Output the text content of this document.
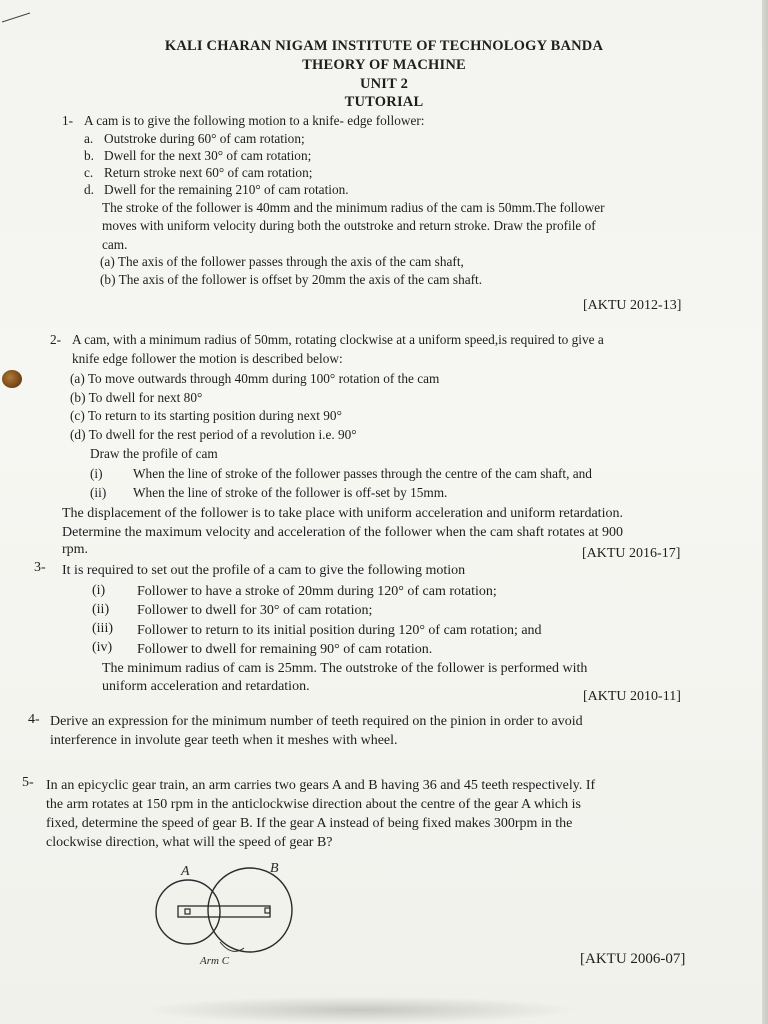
KALI CHARAN NIGAM INSTITUTE OF TECHNOLOGY BANDA
THEORY OF MACHINE
UNIT 2
TUTORIAL
1- A cam is to give the following motion to a knife- edge follower:
a. Outstroke during 60° of cam rotation;
b. Dwell for the next 30° of cam rotation;
c. Return stroke next 60° of cam rotation;
d. Dwell for the remaining 210° of cam rotation.
The stroke of the follower is 40mm and the minimum radius of the cam is 50mm.The follower
moves with uniform velocity during both the outstroke and return stroke. Draw the profile of
cam.
(a) The axis of the follower passes through the axis of the cam shaft,
(b) The axis of the follower is offset by 20mm the axis of the cam shaft.
[AKTU 2012-13]
2- A cam, with a minimum radius of 50mm, rotating clockwise at a uniform speed,is required to give a
knife edge follower the motion is described below:
(a) To move outwards through 40mm during 100° rotation of the cam
(b) To dwell for next 80°
(c) To return to its starting position during next 90°
(d) To dwell for the rest period of a revolution i.e. 90°
Draw the profile of cam
(i) When the line of stroke of the follower passes through the centre of the cam shaft, and
(ii) When the line of stroke of the follower is off-set by 15mm.
The displacement of the follower is to take place with uniform acceleration and uniform retardation.
Determine the maximum velocity and acceleration of the follower when the cam shaft rotates at 900
rpm.	[AKTU 2016-17]
3- It is required to set out the profile of a cam to give the following motion
(i) Follower to have a stroke of 20mm during 120° of cam rotation;
(ii) Follower to dwell for 30° of cam rotation;
(iii) Follower to return to its initial position during 120° of cam rotation; and
(iv) Follower to dwell for remaining 90° of cam rotation.
The minimum radius of cam is 25mm. The outstroke of the follower is performed with
uniform acceleration and retardation.
[AKTU 2010-11]
4- Derive an expression for the minimum number of teeth required on the pinion in order to avoid
interference in involute gear teeth when it meshes with wheel.
5- In an epicyclic gear train, an arm carries two gears A and B having 36 and 45 teeth respectively. If
the arm rotates at 150 rpm in the anticlockwise direction about the centre of the gear A which is
fixed, determine the speed of gear B. If the gear A instead of being fixed makes 300rpm in the
clockwise direction, what will the speed of gear B?
A	B
Arm C	[AKTU 2006-07]
